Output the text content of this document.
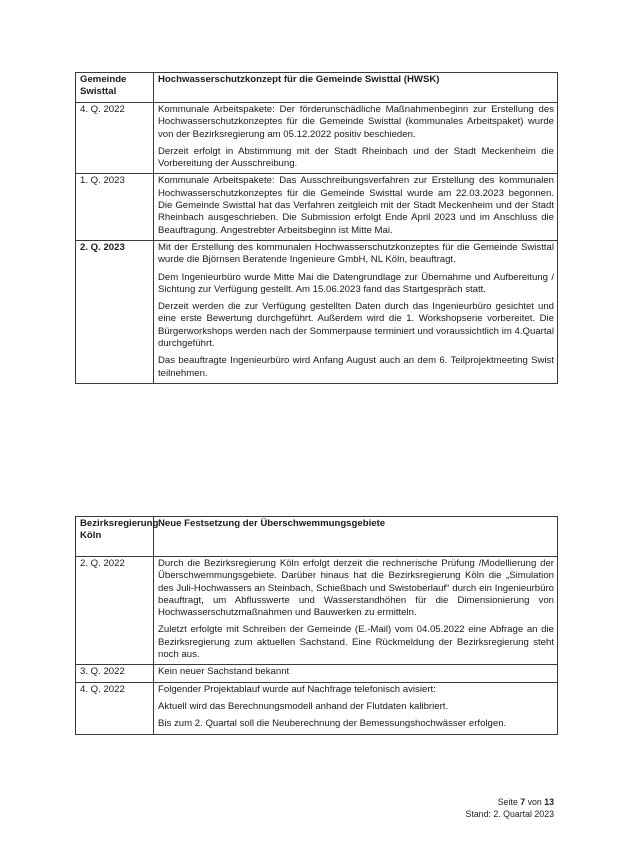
Gemeinde Swisttal	Hochwasserschutzkonzept für die Gemeinde Swisttal (HWSK)
4. Q. 2022	Kommunale Arbeitspakete: Der förderunschädliche Maßnahmenbeginn zur Erstellung des Hochwasserschutzkonzeptes für die Gemeinde Swisttal (kommunales Arbeitspaket) wurde von der Bezirksregierung am 05.12.2022 positiv beschieden.

Derzeit erfolgt in Abstimmung mit der Stadt Rheinbach und der Stadt Meckenheim die Vorbereitung der Ausschreibung.

1. Q. 2023	Kommunale Arbeitspakete: Das Ausschreibungsverfahren zur Erstellung des kommunalen Hochwasserschutzkonzeptes für die Gemeinde Swisttal wurde am 22.03.2023 begonnen. Die Gemeinde Swisttal hat das Verfahren zeitgleich mit der Stadt Meckenheim und der Stadt Rheinbach ausgeschrieben. Die Submission erfolgt Ende April 2023 und im Anschluss die Beauftragung. Angestrebter Arbeitsbeginn ist Mitte Mai.

2. Q. 2023	Mit der Erstellung des kommunalen Hochwasserschutzkonzeptes für die Gemeinde Swisttal wurde die Björnsen Beratende Ingenieure GmbH, NL Köln, beauftragt.

Dem Ingenieurbüro wurde Mitte Mai die Datengrundlage zur Übernahme und Aufbereitung / Sichtung zur Verfügung gestellt. Am 15.06.2023 fand das Startgespräch statt.

Derzeit werden die zur Verfügung gestellten Daten durch das Ingenieurbüro gesichtet und eine erste Bewertung durchgeführt. Außerdem wird die 1. Workshopserie vorbereitet. Die Bürgerworkshops werden nach der Sommerpause terminiert und voraussichtlich im 4.Quartal durchgeführt.

Das beauftragte Ingenieurbüro wird Anfang August auch an dem 6. Teilprojektmeeting Swist teilnehmen.

Bezirksregierung Köln	Neue Festsetzung der Überschwemmungsgebiete
2. Q. 2022	Durch die Bezirksregierung Köln erfolgt derzeit die rechnerische Prüfung /Modellierung der Überschwemmungsgebiete. Darüber hinaus hat die Bezirksregierung Köln die „Simulation des Juli-Hochwassers an Steinbach, Schießbach und Swistoberlauf“ durch ein Ingenieurbüro beauftragt, um Abflusswerte und Wasserstandhöhen für die Dimensionierung von Hochwasserschutzmaßnahmen und Bauwerken zu ermitteln.

Zuletzt erfolgte mit Schreiben der Gemeinde (E.-Mail) vom 04.05.2022 eine Abfrage an die Bezirksregierung zum aktuellen Sachstand. Eine Rückmeldung der Bezirksregierung steht noch aus.

3. Q. 2022	Kein neuer Sachstand bekannt

4. Q. 2022	Folgender Projektablauf wurde auf Nachfrage telefonisch avisiert:

Aktuell wird das Berechnungsmodell anhand der Flutdaten kalibriert.

Bis zum 2. Quartal soll die Neuberechnung der Bemessungshochwässer erfolgen.

Seite 7 von 13
Stand: 2. Quartal 2023
